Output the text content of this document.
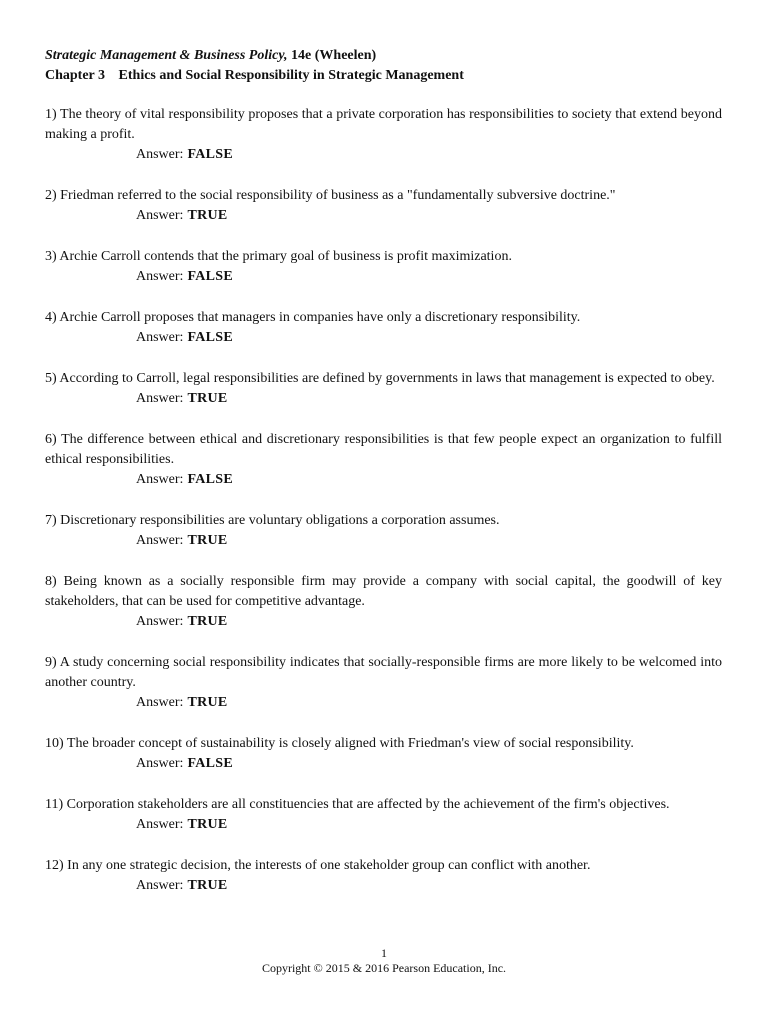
Strategic Management & Business Policy, 14e (Wheelen)
Chapter 3 Ethics and Social Responsibility in Strategic Management
1) The theory of vital responsibility proposes that a private corporation has responsibilities to society that extend beyond making a profit.
Answer: FALSE
2) Friedman referred to the social responsibility of business as a "fundamentally subversive doctrine."
Answer: TRUE
3) Archie Carroll contends that the primary goal of business is profit maximization.
Answer: FALSE
4) Archie Carroll proposes that managers in companies have only a discretionary responsibility.
Answer: FALSE
5) According to Carroll, legal responsibilities are defined by governments in laws that management is expected to obey.
Answer: TRUE
6) The difference between ethical and discretionary responsibilities is that few people expect an organization to fulfill ethical responsibilities.
Answer: FALSE
7) Discretionary responsibilities are voluntary obligations a corporation assumes.
Answer: TRUE
8) Being known as a socially responsible firm may provide a company with social capital, the goodwill of key stakeholders, that can be used for competitive advantage.
Answer: TRUE
9) A study concerning social responsibility indicates that socially-responsible firms are more likely to be welcomed into another country.
Answer: TRUE
10) The broader concept of sustainability is closely aligned with Friedman's view of social responsibility.
Answer: FALSE
11) Corporation stakeholders are all constituencies that are affected by the achievement of the firm's objectives.
Answer: TRUE
12) In any one strategic decision, the interests of one stakeholder group can conflict with another.
Answer: TRUE
1
Copyright © 2015 & 2016 Pearson Education, Inc.
